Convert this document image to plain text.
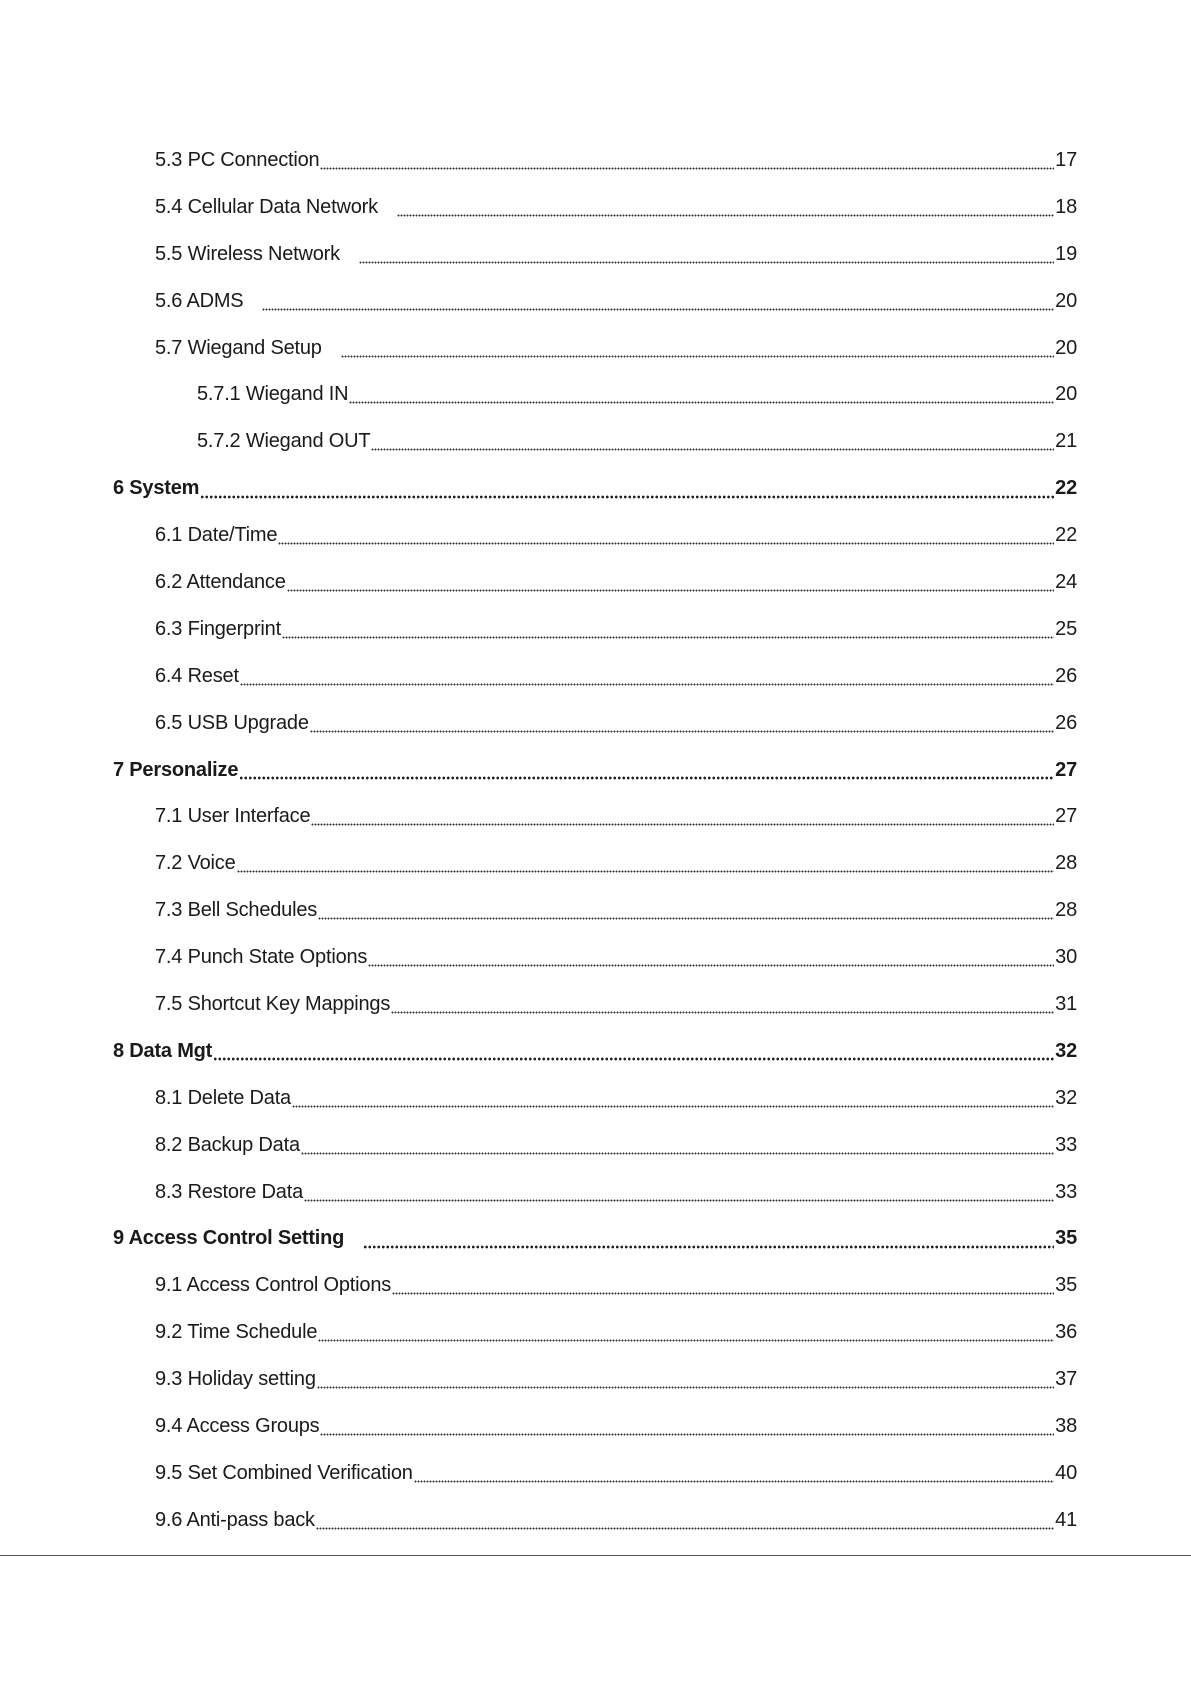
5.3 PC Connection	17
5.4 Cellular Data Network	18
5.5 Wireless Network	19
5.6 ADMS	20
5.7 Wiegand Setup	20
5.7.1 Wiegand IN	20
5.7.2 Wiegand OUT	21
6 System	22
6.1 Date/Time	22
6.2 Attendance	24
6.3 Fingerprint	25
6.4 Reset	26
6.5 USB Upgrade	26
7 Personalize	27
7.1 User Interface	27
7.2 Voice	28
7.3 Bell Schedules	28
7.4 Punch State Options	30
7.5 Shortcut Key Mappings	31
8 Data Mgt	32
8.1 Delete Data	32
8.2 Backup Data	33
8.3 Restore Data	33
9 Access Control Setting	35
9.1 Access Control Options	35
9.2 Time Schedule	36
9.3 Holiday setting	37
9.4 Access Groups	38
9.5 Set Combined Verification	40
9.6 Anti-pass back	41
